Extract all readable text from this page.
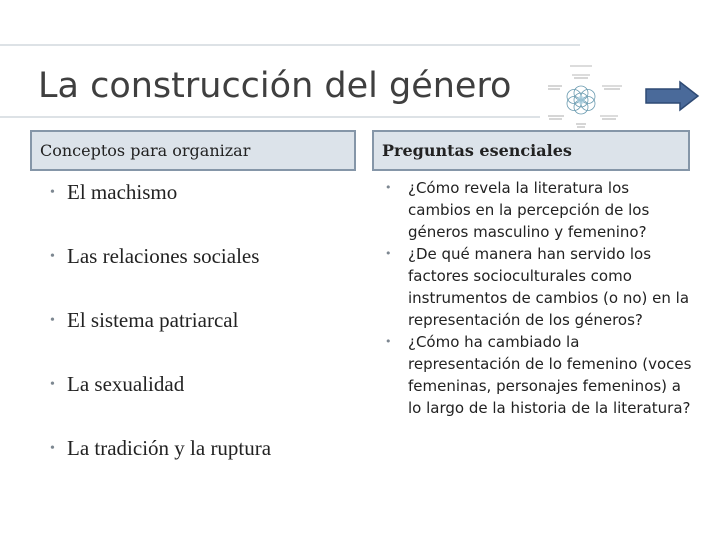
La construcción del género
Conceptos para organizar	Preguntas esenciales
• El machismo
• Las relaciones sociales
• El sistema patriarcal
• La sexualidad
• La tradición y la ruptura
• ¿Cómo revela la literatura los cambios en la percepción de los géneros masculino y femenino?
• ¿De qué manera han servido los factores socioculturales como instrumentos de cambios (o no) en la representación de los géneros?
• ¿Cómo ha cambiado la representación de lo femenino (voces femeninas, personajes femeninos) a lo largo de la historia de la literatura?
